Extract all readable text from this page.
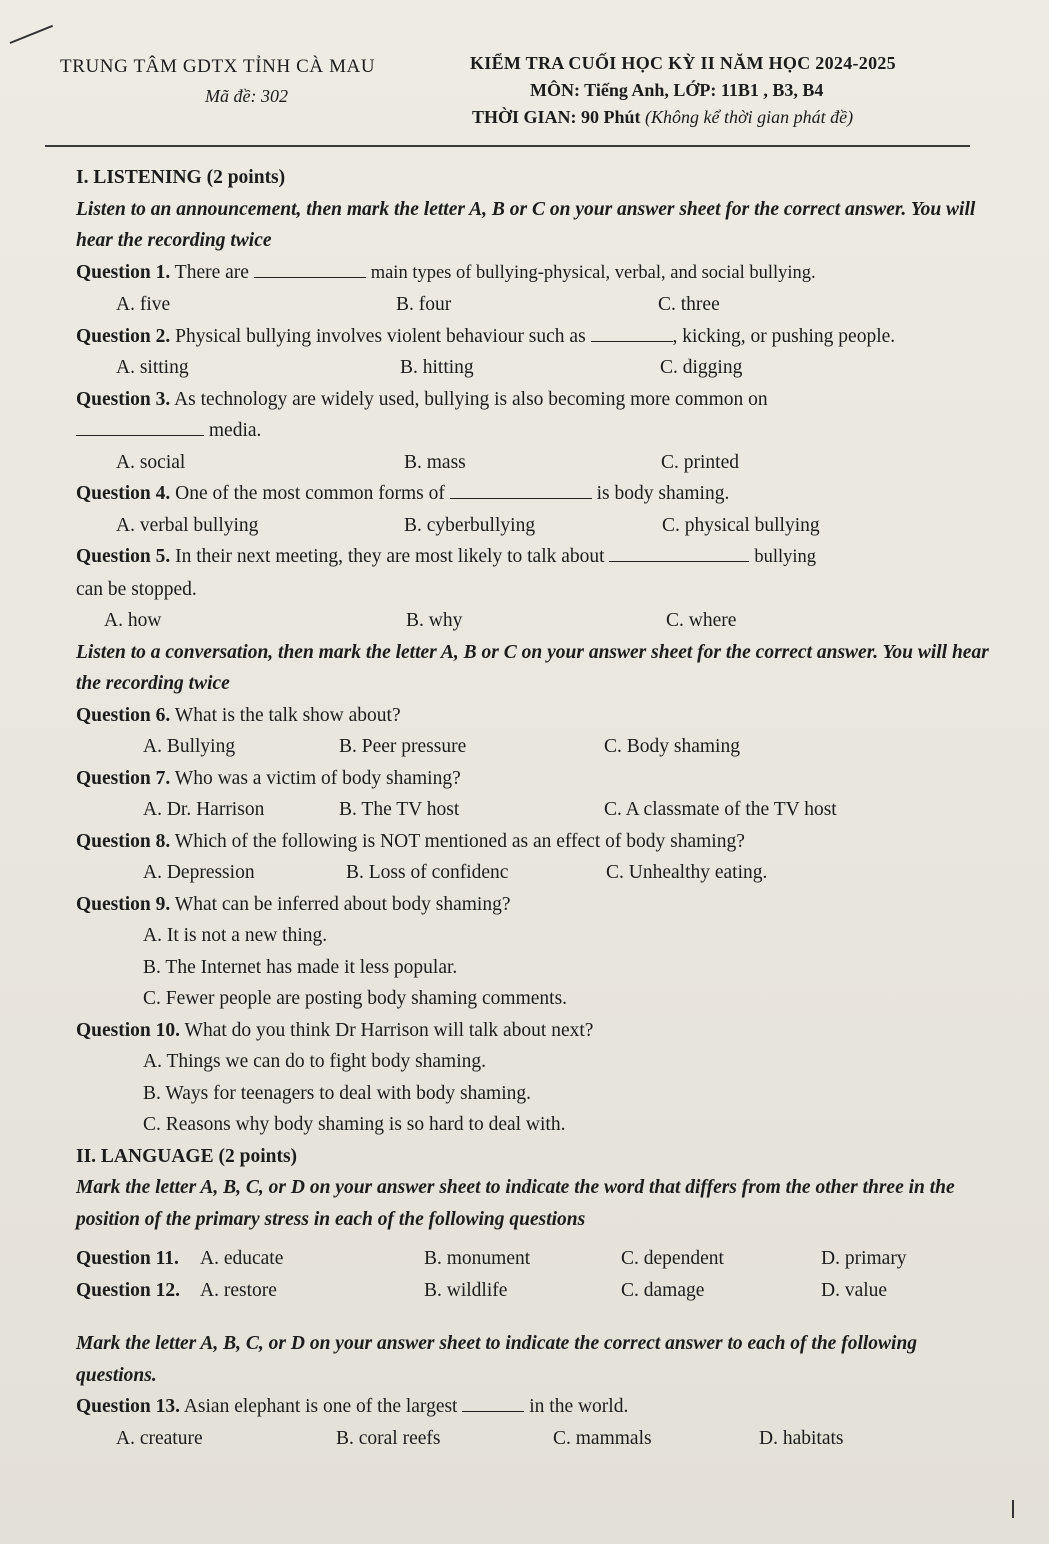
TRUNG TÂM GDTX TỈNH CÀ MAU
Mã đề: 302
KIỂM TRA CUỐI HỌC KỲ II NĂM HỌC 2024-2025
MÔN: Tiếng Anh, LỚP: 11B1 , B3, B4
THỜI GIAN: 90 Phút (Không kể thời gian phát đề)
I. LISTENING (2 points)
Listen to an announcement, then mark the letter A, B or C on your answer sheet for the correct answer. You will hear the recording twice
Question 1. There are	main types of bullying-physical, verbal, and social bullying.
A. five	B. four	C. three
Question 2. Physical bullying involves violent behaviour such as	, kicking, or pushing people.
A. sitting	B. hitting	C. digging
Question 3. As technology are widely used, bullying is also becoming more common on
media.
A. social	B. mass	C. printed
Question 4. One of the most common forms of	is body shaming.
A. verbal bullying	B. cyberbullying	C. physical bullying
Question 5. In their next meeting, they are most likely to talk about	bullying
can be stopped.
A. how	B. why	C. where
Listen to a conversation, then mark the letter A, B or C on your answer sheet for the correct answer. You will hear the recording twice
Question 6. What is the talk show about?
A. Bullying	B. Peer pressure	C. Body shaming
Question 7. Who was a victim of body shaming?
A. Dr. Harrison	B. The TV host	C. A classmate of the TV host
Question 8. Which of the following is NOT mentioned as an effect of body shaming?
A. Depression	B. Loss of confidenc	C. Unhealthy eating.
Question 9. What can be inferred about body shaming?
A. It is not a new thing.
B. The Internet has made it less popular.
C. Fewer people are posting body shaming comments.
Question 10. What do you think Dr Harrison will talk about next?
A. Things we can do to fight body shaming.
B. Ways for teenagers to deal with body shaming.
C. Reasons why body shaming is so hard to deal with.
II. LANGUAGE (2 points)
Mark the letter A, B, C, or D on your answer sheet to indicate the word that differs from the other three in the position of the primary stress in each of the following questions
Question 11. A. educate	B. monument	C. dependent	D. primary
Question 12. A. restore	B. wildlife	C. damage	D. value
Mark the letter A, B, C, or D on your answer sheet to indicate the correct answer to each of the following questions.
Question 13. Asian elephant is one of the largest	in the world.
A. creature	B. coral reefs	C. mammals	D. habitats
